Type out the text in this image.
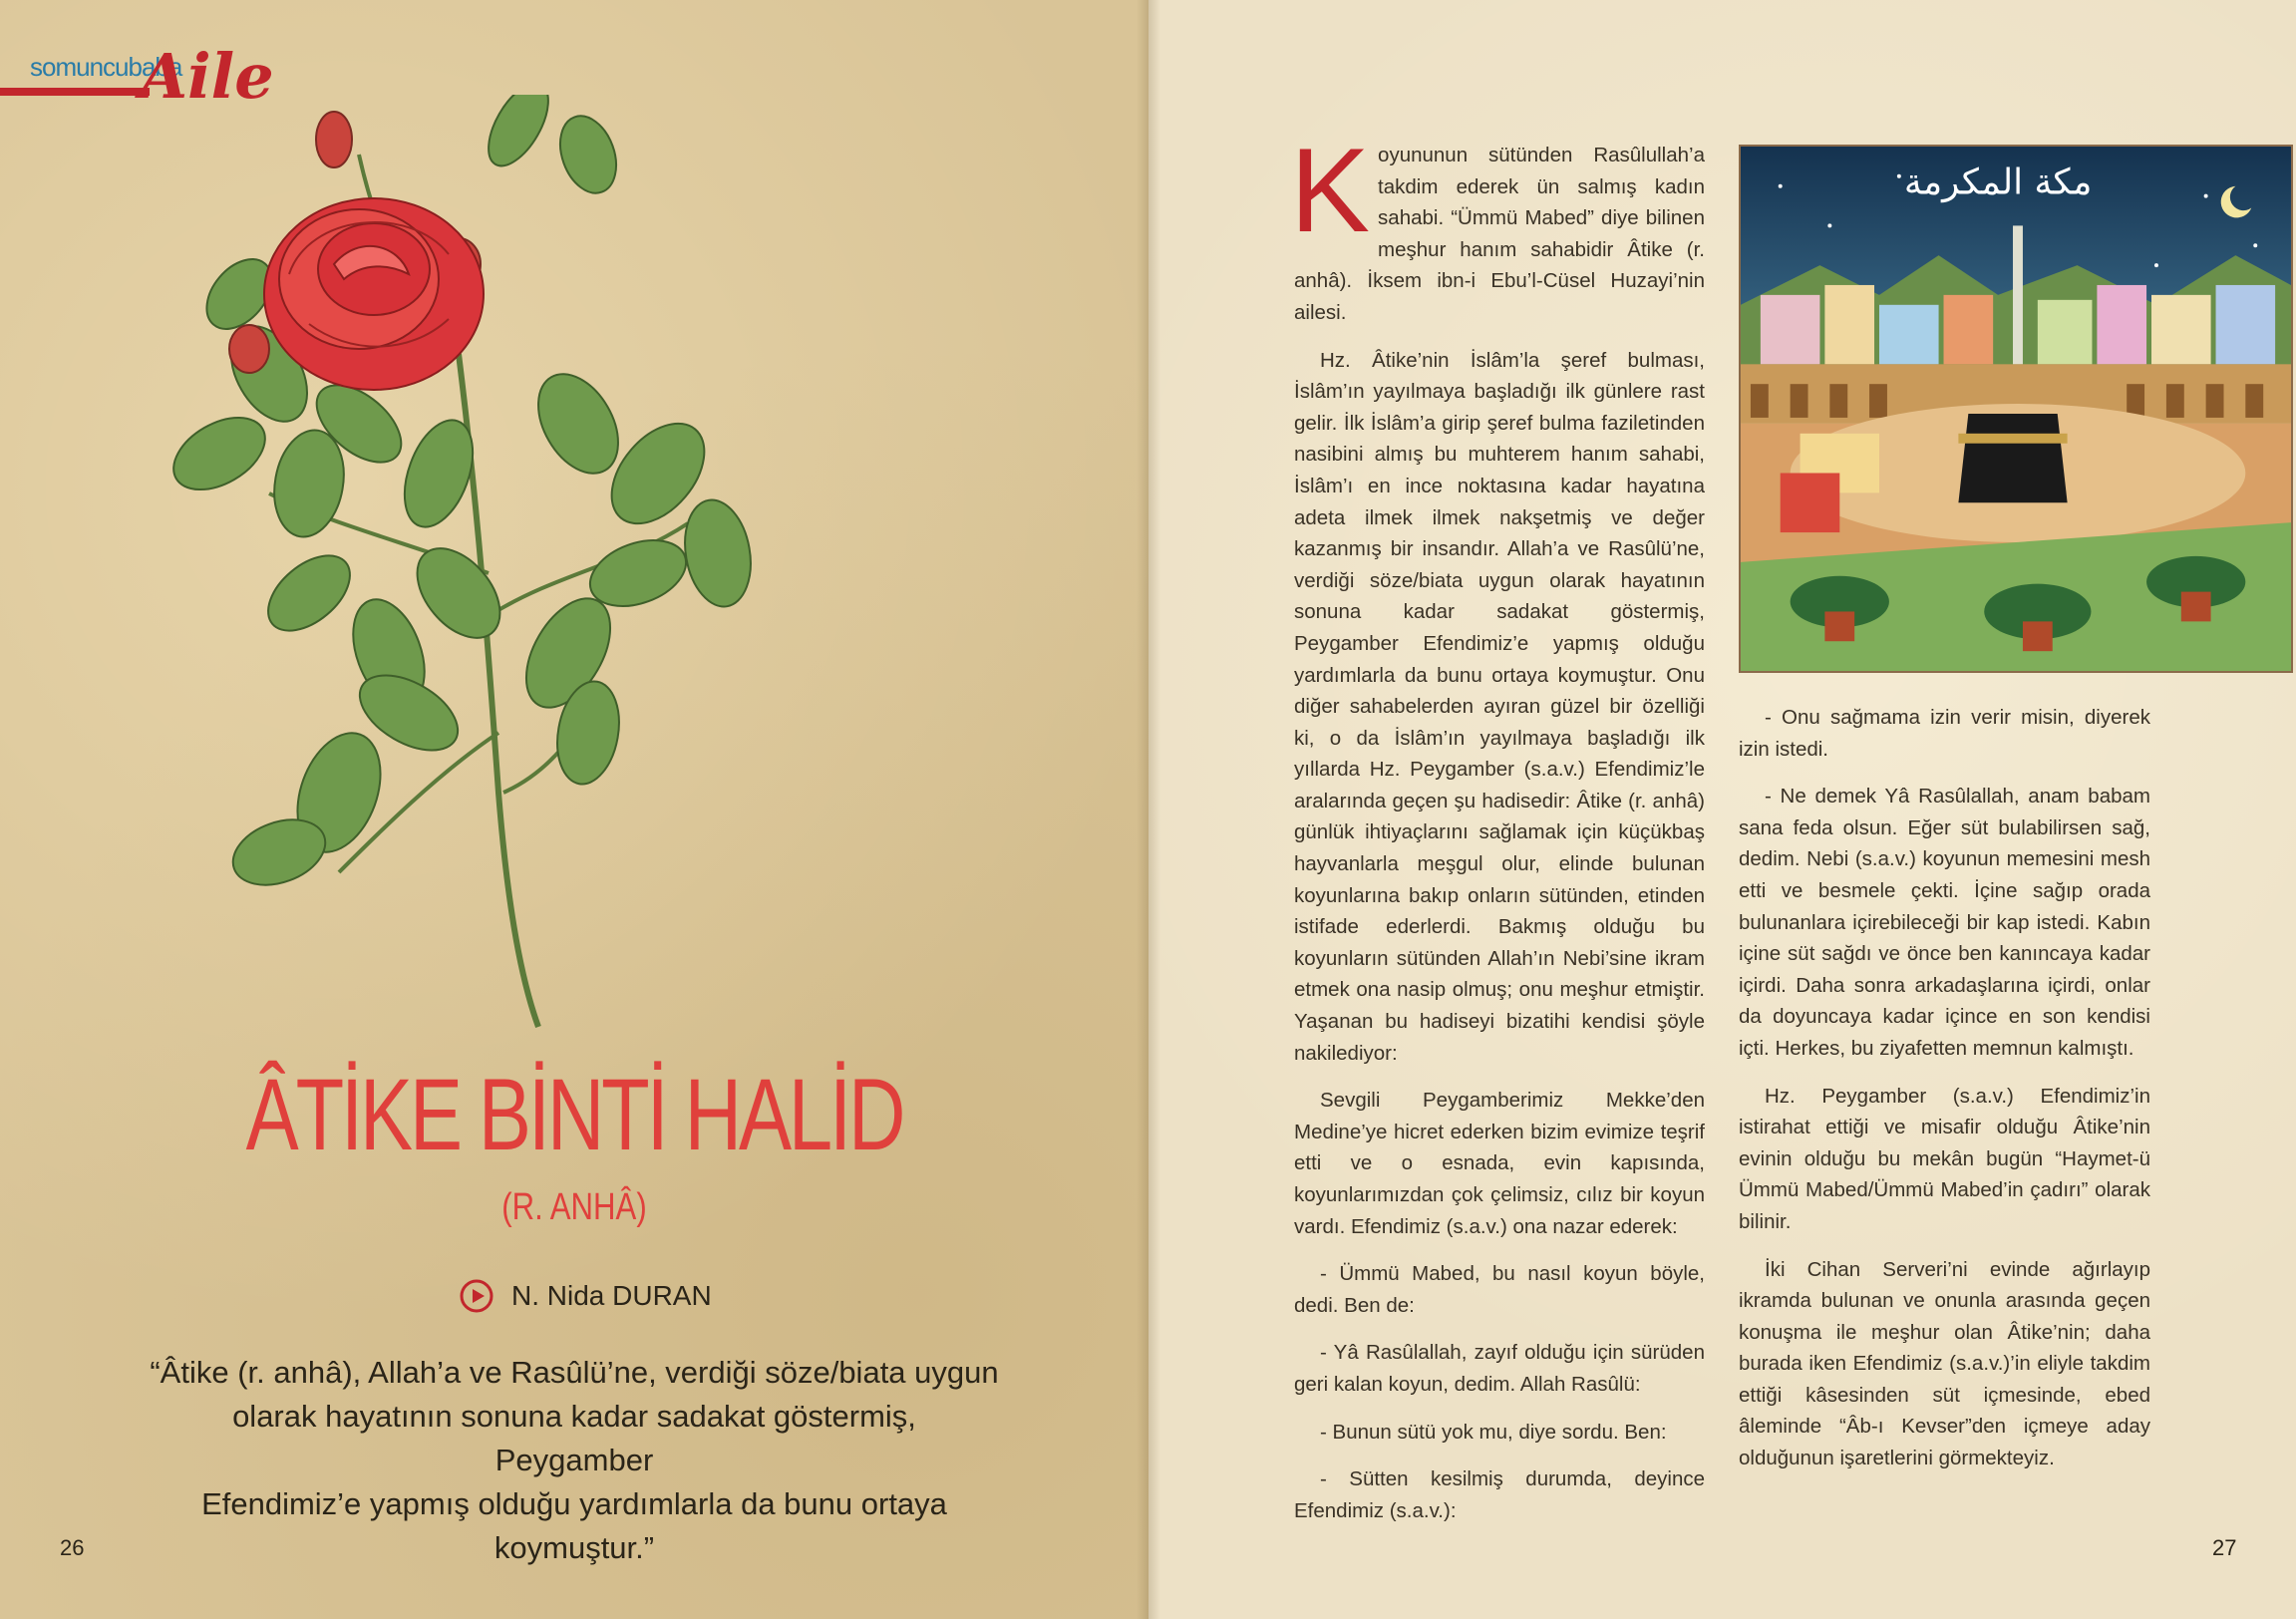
somuncubaba
Aile
ÂTİKE BİNTİ HALİD
(R. ANHÂ)
N. Nida DURAN
“Âtike (r. anhâ), Allah’a ve Rasûlü’ne, verdiği söze/biata uygun
olarak hayatının sonuna kadar sadakat göstermiş, Peygamber
Efendimiz’e yapmış olduğu yardımlarla da bunu ortaya koymuştur.”
26

Koyununun sütünden Rasûlullah’a takdim ederek ün salmış kadın sahabi. “Ümmü Mabed” diye bilinen meşhur hanım sahabidir Âtike (r. anhâ). İksem ibn-i Ebu’l-Cüsel Huzayi’nin ailesi.

Hz. Âtike’nin İslâm’la şeref bulması, İslâm’ın yayılmaya başladığı ilk günlere rast gelir. İlk İslâm’a girip şeref bulma faziletinden nasibini almış bu muhterem hanım sahabi, İslâm’ı en ince noktasına kadar hayatına adeta ilmek ilmek nakşetmiş ve değer kazanmış bir insandır. Allah’a ve Rasûlü’ne, verdiği söze/biata uygun olarak hayatının sonuna kadar sadakat göstermiş, Peygamber Efendimiz’e yapmış olduğu yardımlarla da bunu ortaya koymuştur. Onu diğer sahabelerden ayıran güzel bir özelliği ki, o da İslâm’ın yayılmaya başladığı ilk yıllarda Hz. Peygamber (s.a.v.) Efendimiz’le aralarında geçen şu hadisedir: Âtike (r. anhâ) günlük ihtiyaçlarını sağlamak için küçükbaş hayvanlarla meşgul olur, elinde bulunan koyunlarına bakıp onların sütünden, etinden istifade ederlerdi. Bakmış olduğu bu koyunların sütünden Allah’ın Nebi’sine ikram etmek ona nasip olmuş; onu meşhur etmiştir. Yaşanan bu hadiseyi bizatihi kendisi şöyle nakilediyor:

Sevgili Peygamberimiz Mekke’den Medine’ye hicret ederken bizim evimize teşrif etti ve o esnada, evin kapısında, koyunlarımızdan çok çelimsiz, cılız bir koyun vardı. Efendimiz (s.a.v.) ona nazar ederek:

- Ümmü Mabed, bu nasıl koyun böyle, dedi. Ben de:

- Yâ Rasûlallah, zayıf olduğu için sürüden geri kalan koyun, dedim. Allah Rasûlü:

- Bunun sütü yok mu, diye sordu. Ben:

- Sütten kesilmiş durumda, deyince Efendimiz (s.a.v.):

مكة المكرمة

- Onu sağmama izin verir misin, diyerek izin istedi.

- Ne demek Yâ Rasûlallah, anam babam sana feda olsun. Eğer süt bulabilirsen sağ, dedim. Nebi (s.a.v.) koyunun memesini mesh etti ve besmele çekti. İçine sağıp orada bulunanlara içirebileceği bir kap istedi. Kabın içine süt sağdı ve önce ben kanıncaya kadar içirdi. Daha sonra arkadaşlarına içirdi, onlar da doyuncaya kadar içince en son kendisi içti. Herkes, bu ziyafetten memnun kalmıştı.

Hz. Peygamber (s.a.v.) Efendimiz’in istirahat ettiği ve misafir olduğu Âtike’nin evinin olduğu bu mekân bugün “Haymet-ü Ümmü Mabed/Ümmü Mabed’in çadırı” olarak bilinir.

İki Cihan Serveri’ni evinde ağırlayıp ikramda bulunan ve onunla arasında geçen konuşma ile meşhur olan Âtike’nin; daha burada iken Efendimiz (s.a.v.)’in eliyle takdim ettiği kâsesinden süt içmesinde, ebed âleminde “Âb-ı Kevser”den içmeye aday olduğunun işaretlerini görmekteyiz.

27
